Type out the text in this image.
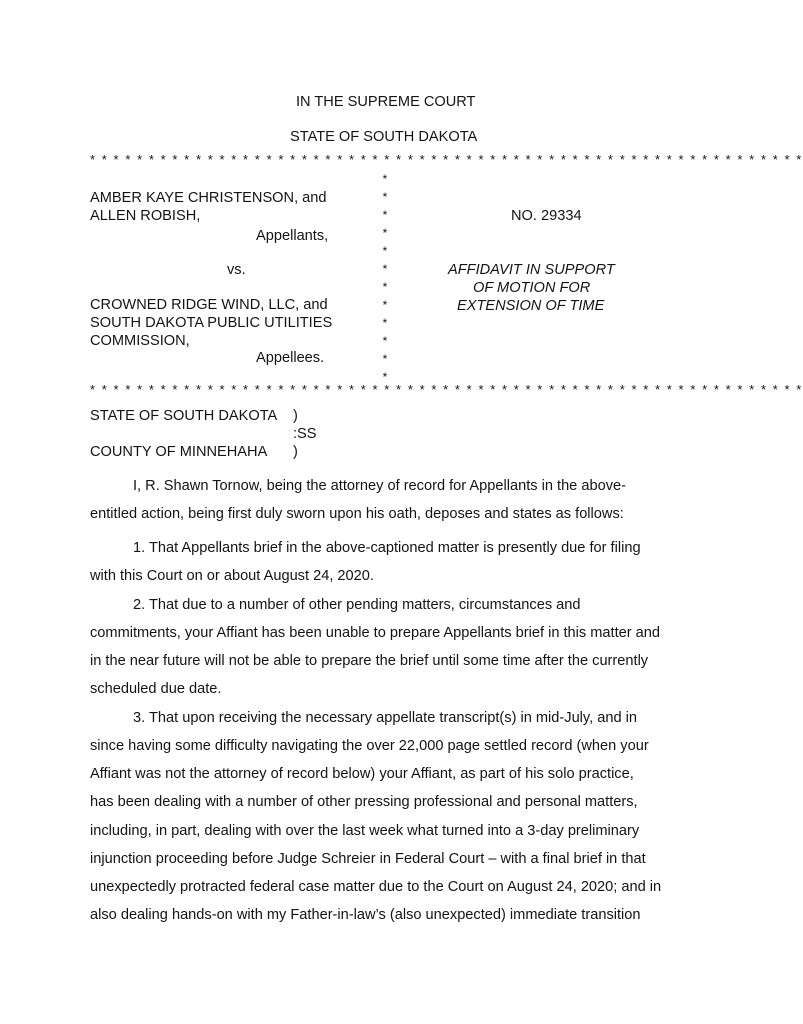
IN THE SUPREME COURT
STATE OF SOUTH DAKOTA
* * * * * * * * * * * * * * * * * * * * * * * * * * * * * * * * * * * * * * * * * * * * * * * * * * * * * * * * * * * * *
*
*
*
*
*
*
*
*
*
*
*
*
AMBER KAYE CHRISTENSON, and
ALLEN ROBISH,
Appellants,
vs.
CROWNED RIDGE WIND, LLC, and
SOUTH DAKOTA PUBLIC UTILITIES
COMMISSION,
Appellees.
NO. 29334
AFFIDAVIT IN SUPPORT
OF MOTION FOR
EXTENSION OF TIME
* * * * * * * * * * * * * * * * * * * * * * * * * * * * * * * * * * * * * * * * * * * * * * * * * * * * * * * * * * * * *
STATE OF SOUTH DAKOTA )
:SS
COUNTY OF MINNEHAHA )
I, R. Shawn Tornow, being the attorney of record for Appellants in the above-
entitled action, being first duly sworn upon his oath, deposes and states as follows:
1. That Appellants brief in the above-captioned matter is presently due for filing
with this Court on or about August 24, 2020.
2. That due to a number of other pending matters, circumstances and
commitments, your Affiant has been unable to prepare Appellants brief in this matter and
in the near future will not be able to prepare the brief until some time after the currently
scheduled due date.
3. That upon receiving the necessary appellate transcript(s) in mid-July, and in
since having some difficulty navigating the over 22,000 page settled record (when your
Affiant was not the attorney of record below) your Affiant, as part of his solo practice,
has been dealing with a number of other pressing professional and personal matters,
including, in part, dealing with over the last week what turned into a 3-day preliminary
injunction proceeding before Judge Schreier in Federal Court – with a final brief in that
unexpectedly protracted federal case matter due to the Court on August 24, 2020; and in
also dealing hands-on with my Father-in-law’s (also unexpected) immediate transition
